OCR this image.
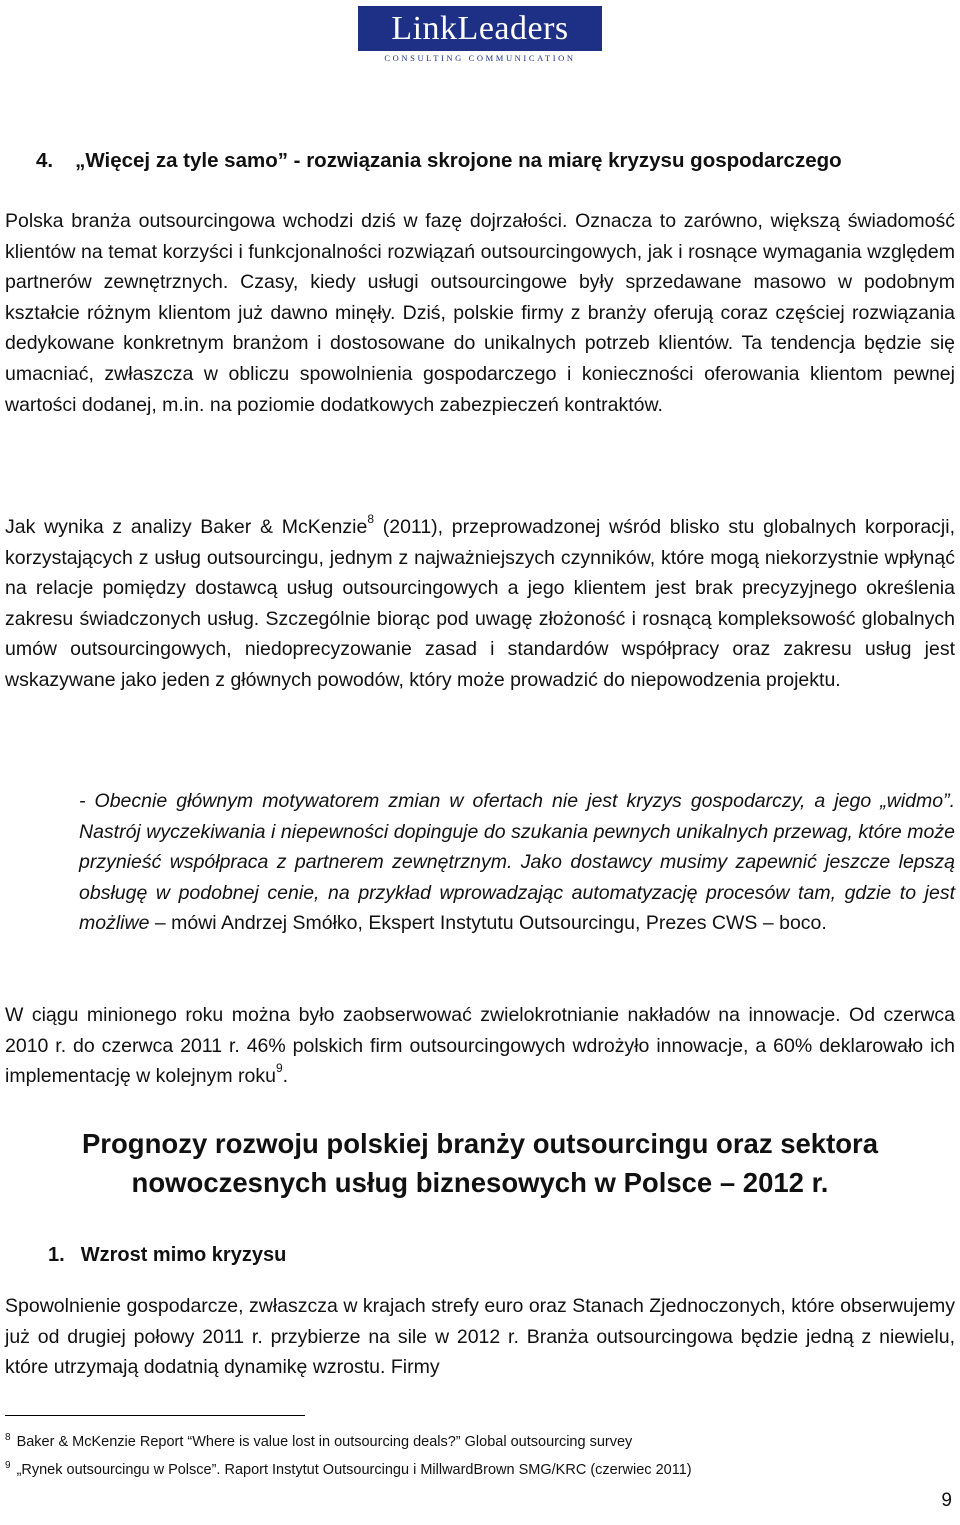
LinkLeaders
CONSULTING COMMUNICATION
4. „Więcej za tyle samo” - rozwiązania skrojone na miarę kryzysu gospodarczego

Polska branża outsourcingowa wchodzi dziś w fazę dojrzałości. Oznacza to zarówno, większą świadomość klientów na temat korzyści i funkcjonalności rozwiązań outsourcingowych, jak i rosnące wymagania względem partnerów zewnętrznych. Czasy, kiedy usługi outsourcingowe były sprzedawane masowo w podobnym kształcie różnym klientom już dawno minęły. Dziś, polskie firmy z branży oferują coraz częściej rozwiązania dedykowane konkretnym branżom i dostosowane do unikalnych potrzeb klientów. Ta tendencja będzie się umacniać, zwłaszcza w obliczu spowolnienia gospodarczego i konieczności oferowania klientom pewnej wartości dodanej, m.in. na poziomie dodatkowych zabezpieczeń kontraktów.

Jak wynika z analizy Baker & McKenzie$^8$ (2011), przeprowadzonej wśród blisko stu globalnych korporacji, korzystających z usług outsourcingu, jednym z najważniejszych czynników, które mogą niekorzystnie wpłynąć na relacje pomiędzy dostawcą usług outsourcingowych a jego klientem jest brak precyzyjnego określenia zakresu świadczonych usług. Szczególnie biorąc pod uwagę złożoność i rosnącą kompleksowość globalnych umów outsourcingowych, niedoprecyzowanie zasad i standardów współpracy oraz zakresu usług jest wskazywane jako jeden z głównych powodów, który może prowadzić do niepowodzenia projektu.

- Obecnie głównym motywatorem zmian w ofertach nie jest kryzys gospodarczy, a jego „widmo”. Nastrój wyczekiwania i niepewności dopinguje do szukania pewnych unikalnych przewag, które może przynieść współpraca z partnerem zewnętrznym. Jako dostawcy musimy zapewnić jeszcze lepszą obsługę w podobnej cenie, na przykład wprowadzając automatyzację procesów tam, gdzie to jest możliwe – mówi Andrzej Smółko, Ekspert Instytutu Outsourcingu, Prezes CWS – boco.

W ciągu minionego roku można było zaobserwować zwielokrotnianie nakładów na innowacje. Od czerwca 2010 r. do czerwca 2011 r. 46% polskich firm outsourcingowych wdrożyło innowacje, a 60% deklarowało ich implementację w kolejnym roku$^9$.

Prognozy rozwoju polskiej branży outsourcingu oraz sektora nowoczesnych usług biznesowych w Polsce – 2012 r.
1. Wzrost mimo kryzysu

Spowolnienie gospodarcze, zwłaszcza w krajach strefy euro oraz Stanach Zjednoczonych, które obserwujemy już od drugiej połowy 2011 r. przybierze na sile w 2012 r. Branża outsourcingowa będzie jedną z niewielu, które utrzymają dodatnią dynamikę wzrostu. Firmy

$^8$ Baker & McKenzie Report “Where is value lost in outsourcing deals?” Global outsourcing survey
$^9$ „Rynek outsourcingu w Polsce”. Raport Instytut Outsourcingu i MillwardBrown SMG/KRC (czerwiec 2011)
9
